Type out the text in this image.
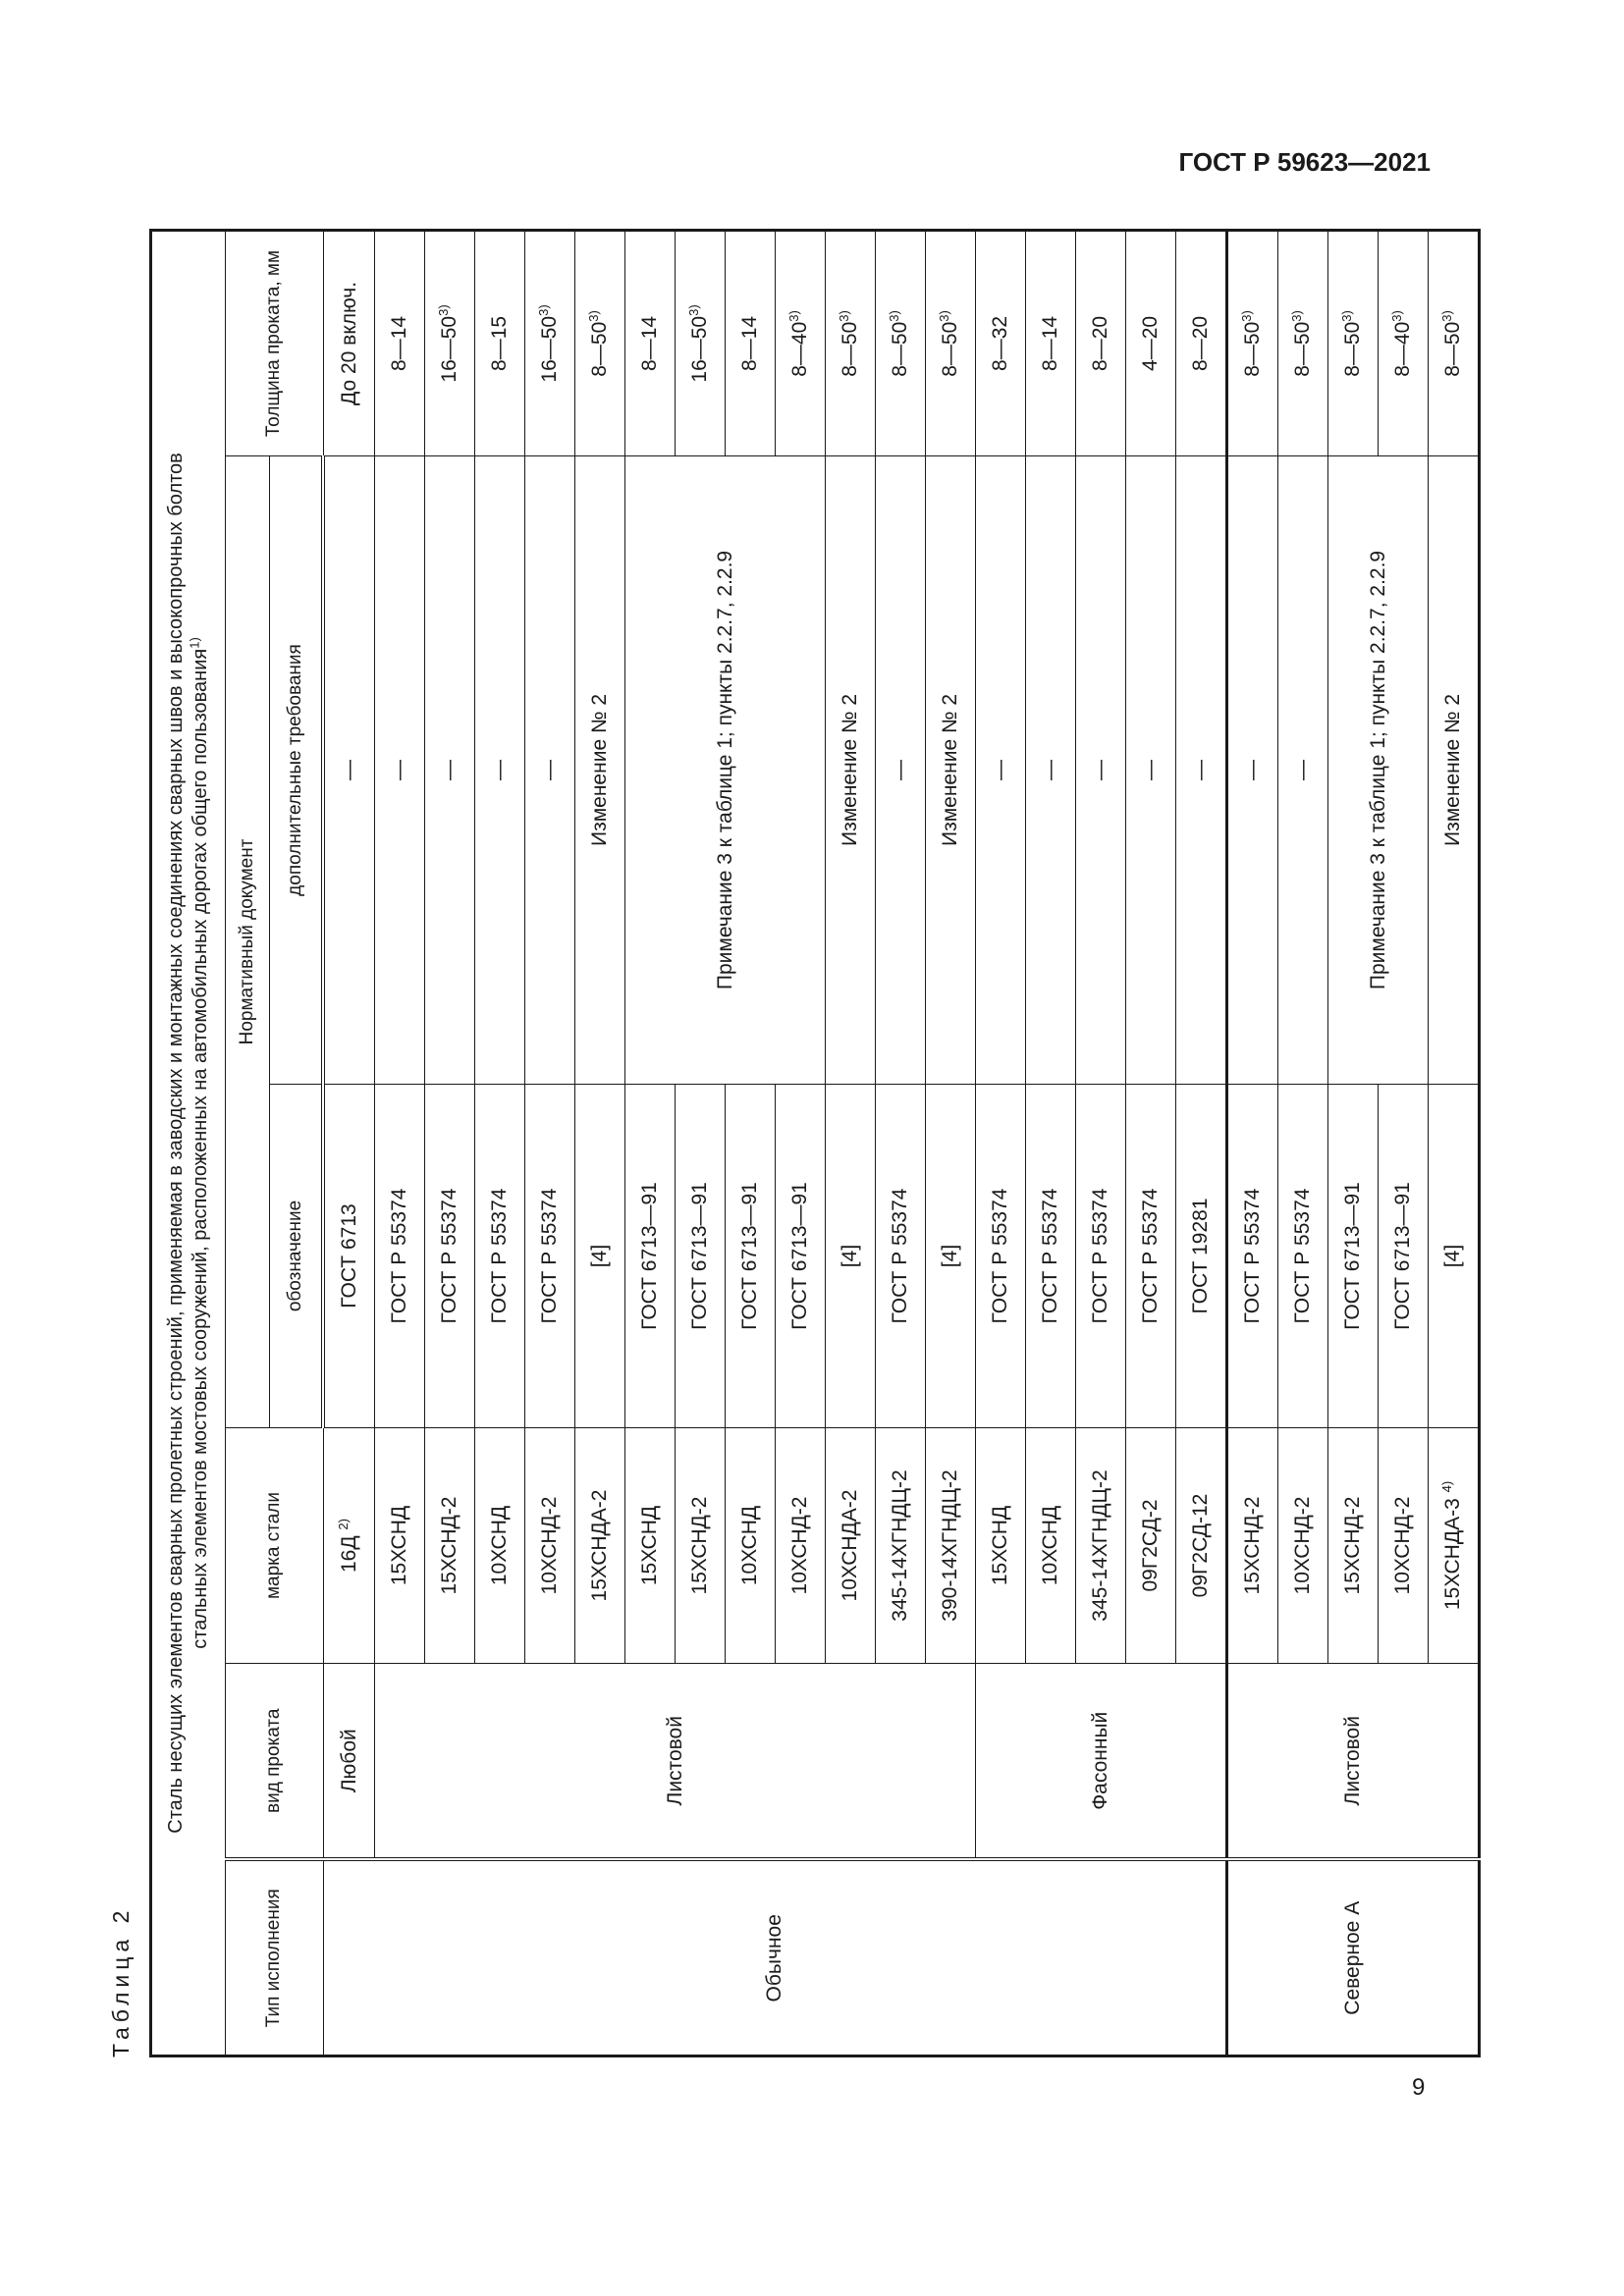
ГОСТ Р 59623—2021
Таблица 2
Сталь несущих элементов сварных пролетных строений, применяемая в заводских и монтажных соединениях сварных швов и высокопрочных болтов стальных элементов мостовых сооружений, расположенных на автомобильных дорогах общего пользования$^{1)}$
Тип исполнения	вид проката	марка стали	Нормативный документ		Толщина проката, мм
			обозначение	дополнительные требования	
Обычное	Любой	16Д $^{2)}$	ГОСТ 6713	—	До 20 включ.
	Листовой	15ХСНД	ГОСТ Р 55374	—	8—14
		15ХСНД-2	ГОСТ Р 55374	—	16—50$^{3)}$
		10ХСНД	ГОСТ Р 55374	—	8—15
		10ХСНД-2	ГОСТ Р 55374	—	16—50$^{3)}$
		15ХСНДА-2	[4]	Изменение № 2	8—50$^{3)}$
		15ХСНД	ГОСТ 6713—91	Примечание 3 к таблице 1; пункты 2.2.7, 2.2.9	8—14
		15ХСНД-2	ГОСТ 6713—91		16—50$^{3)}$
		10ХСНД	ГОСТ 6713—91		8—14
		10ХСНД-2	ГОСТ 6713—91		8—40$^{3)}$
		10ХСНДА-2	[4]	Изменение № 2	8—50$^{3)}$
		345-14ХГНДЦ-2	ГОСТ Р 55374	—	8—50$^{3)}$
		390-14ХГНДЦ-2	[4]	Изменение № 2	8—50$^{3)}$
	Фасонный	15ХСНД	ГОСТ Р 55374	—	8—32
		10ХСНД	ГОСТ Р 55374	—	8—14
		345-14ХГНДЦ-2	ГОСТ Р 55374	—	8—20
		09Г2СД-2	ГОСТ Р 55374	—	4—20
		09Г2СД-12	ГОСТ 19281	—	8—20
Северное А	Листовой	15ХСНД-2	ГОСТ Р 55374	—	8—50$^{3)}$
		10ХСНД-2	ГОСТ Р 55374	—	8—50$^{3)}$
		15ХСНД-2	ГОСТ 6713—91	Примечание 3 к таблице 1; пункты 2.2.7, 2.2.9	8—50$^{3)}$
		10ХСНД-2	ГОСТ 6713—91		8—40$^{3)}$
		15ХСНДА-3 $^{4)}$	[4]	Изменение № 2	8—50$^{3)}$
9
